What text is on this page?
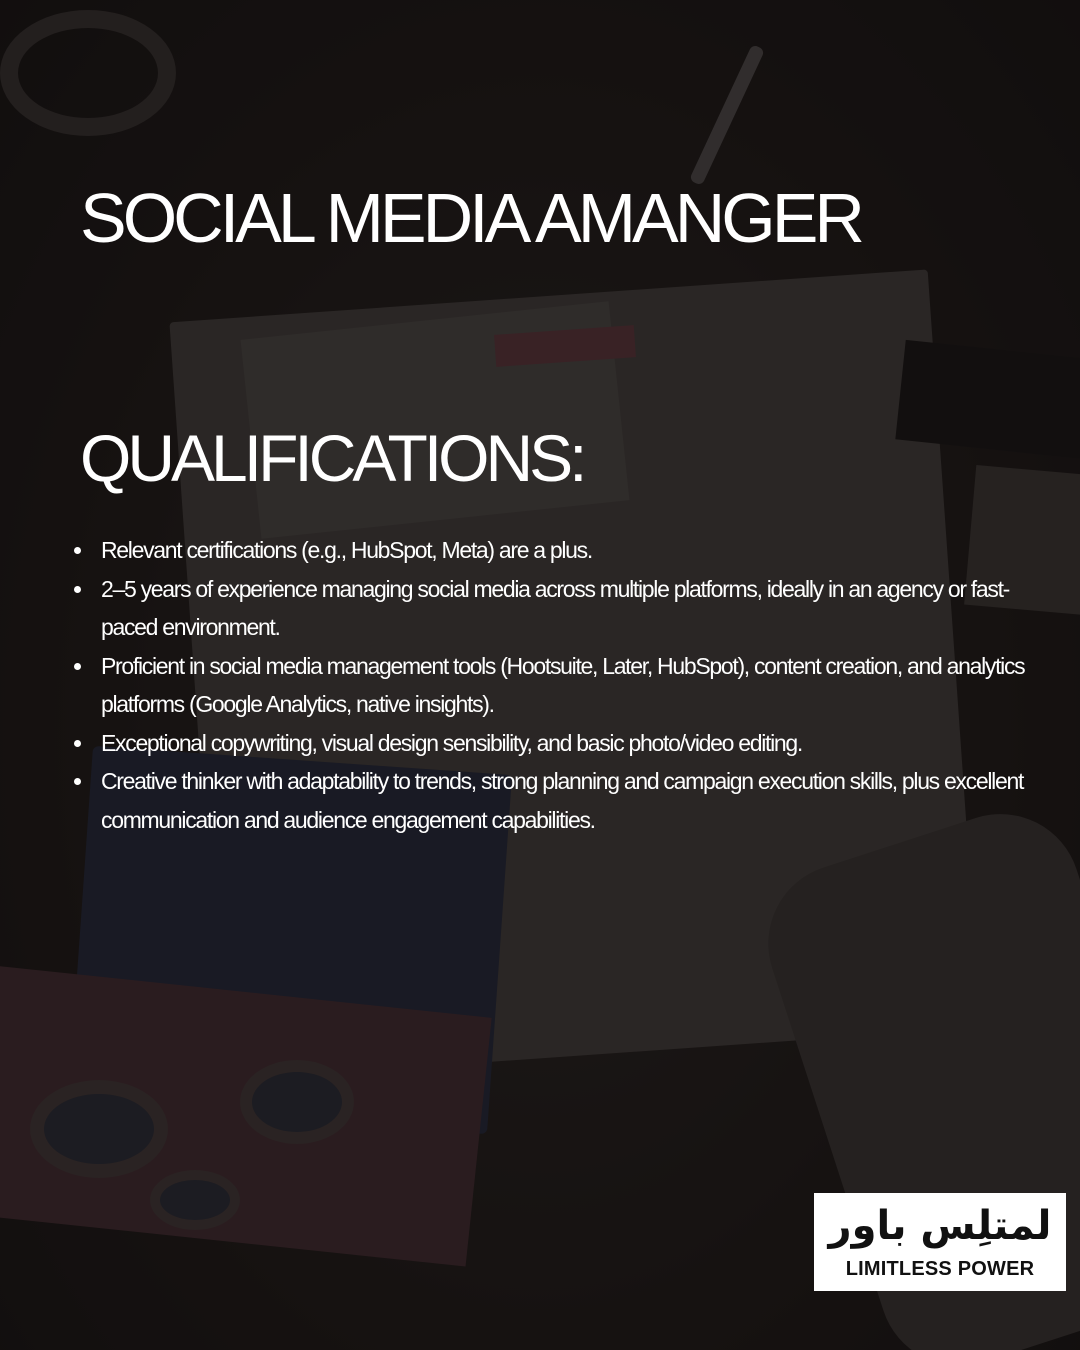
SOCIAL MEDIA AMANGER
QUALIFICATIONS:
Relevant certifications (e.g., HubSpot, Meta) are a plus.
2–5 years of experience managing social media across multiple platforms, ideally in an agency or fast-paced environment.
Proficient in social media management tools (Hootsuite, Later, HubSpot), content creation, and analytics platforms (Google Analytics, native insights).
Exceptional copywriting, visual design sensibility, and basic photo/video editing.
Creative thinker with adaptability to trends, strong planning and campaign execution skills, plus excellent communication and audience engagement capabilities.
لمتلِس باور
LIMITLESS POWER
